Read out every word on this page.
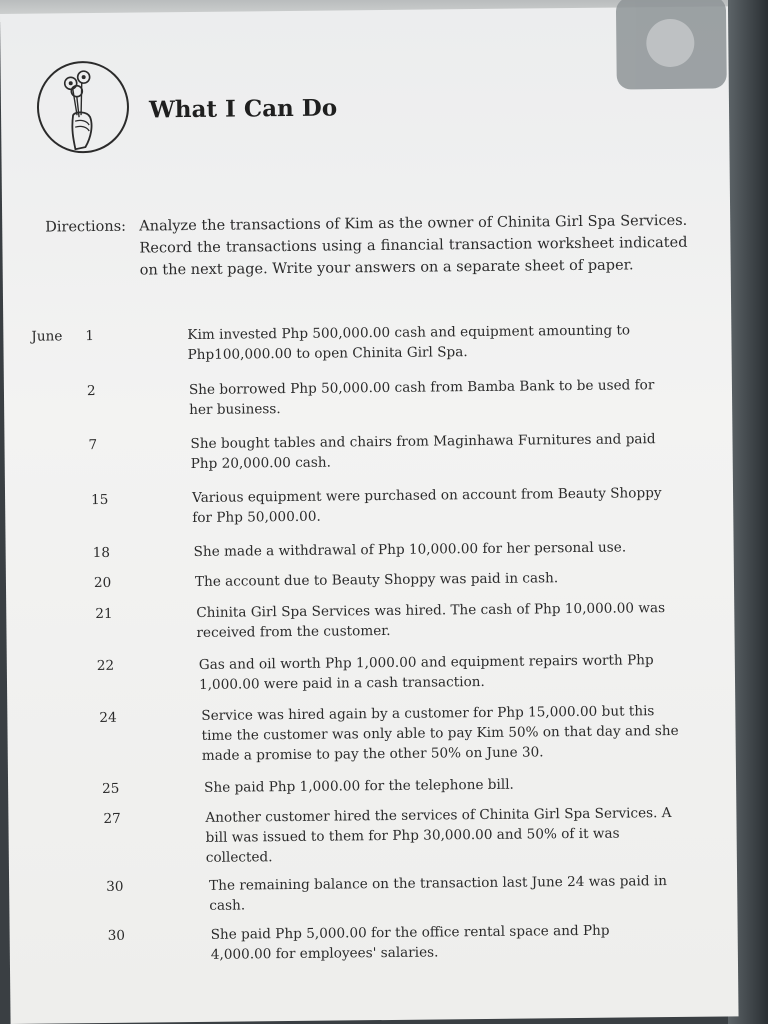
What I Can Do
Directions: Analyze the transactions of Kim as the owner of Chinita Girl Spa Services. Record the transactions using a financial transaction worksheet indicated on the next page. Write your answers on a separate sheet of paper.
June 1	Kim invested Php 500,000.00 cash and equipment amounting to Php100,000.00 to open Chinita Girl Spa.
2	She borrowed Php 50,000.00 cash from Bamba Bank to be used for her business.
7	She bought tables and chairs from Maginhawa Furnitures and paid Php 20,000.00 cash.
15	Various equipment were purchased on account from Beauty Shoppy for Php 50,000.00.
18	She made a withdrawal of Php 10,000.00 for her personal use.
20	The account due to Beauty Shoppy was paid in cash.
21	Chinita Girl Spa Services was hired. The cash of Php 10,000.00 was received from the customer.
22	Gas and oil worth Php 1,000.00 and equipment repairs worth Php 1,000.00 were paid in a cash transaction.
24	Service was hired again by a customer for Php 15,000.00 but this time the customer was only able to pay Kim 50% on that day and she made a promise to pay the other 50% on June 30.
25	She paid Php 1,000.00 for the telephone bill.
27	Another customer hired the services of Chinita Girl Spa Services. A bill was issued to them for Php 30,000.00 and 50% of it was collected.
30	The remaining balance on the transaction last June 24 was paid in cash.
30	She paid Php 5,000.00 for the office rental space and Php 4,000.00 for employees' salaries.
